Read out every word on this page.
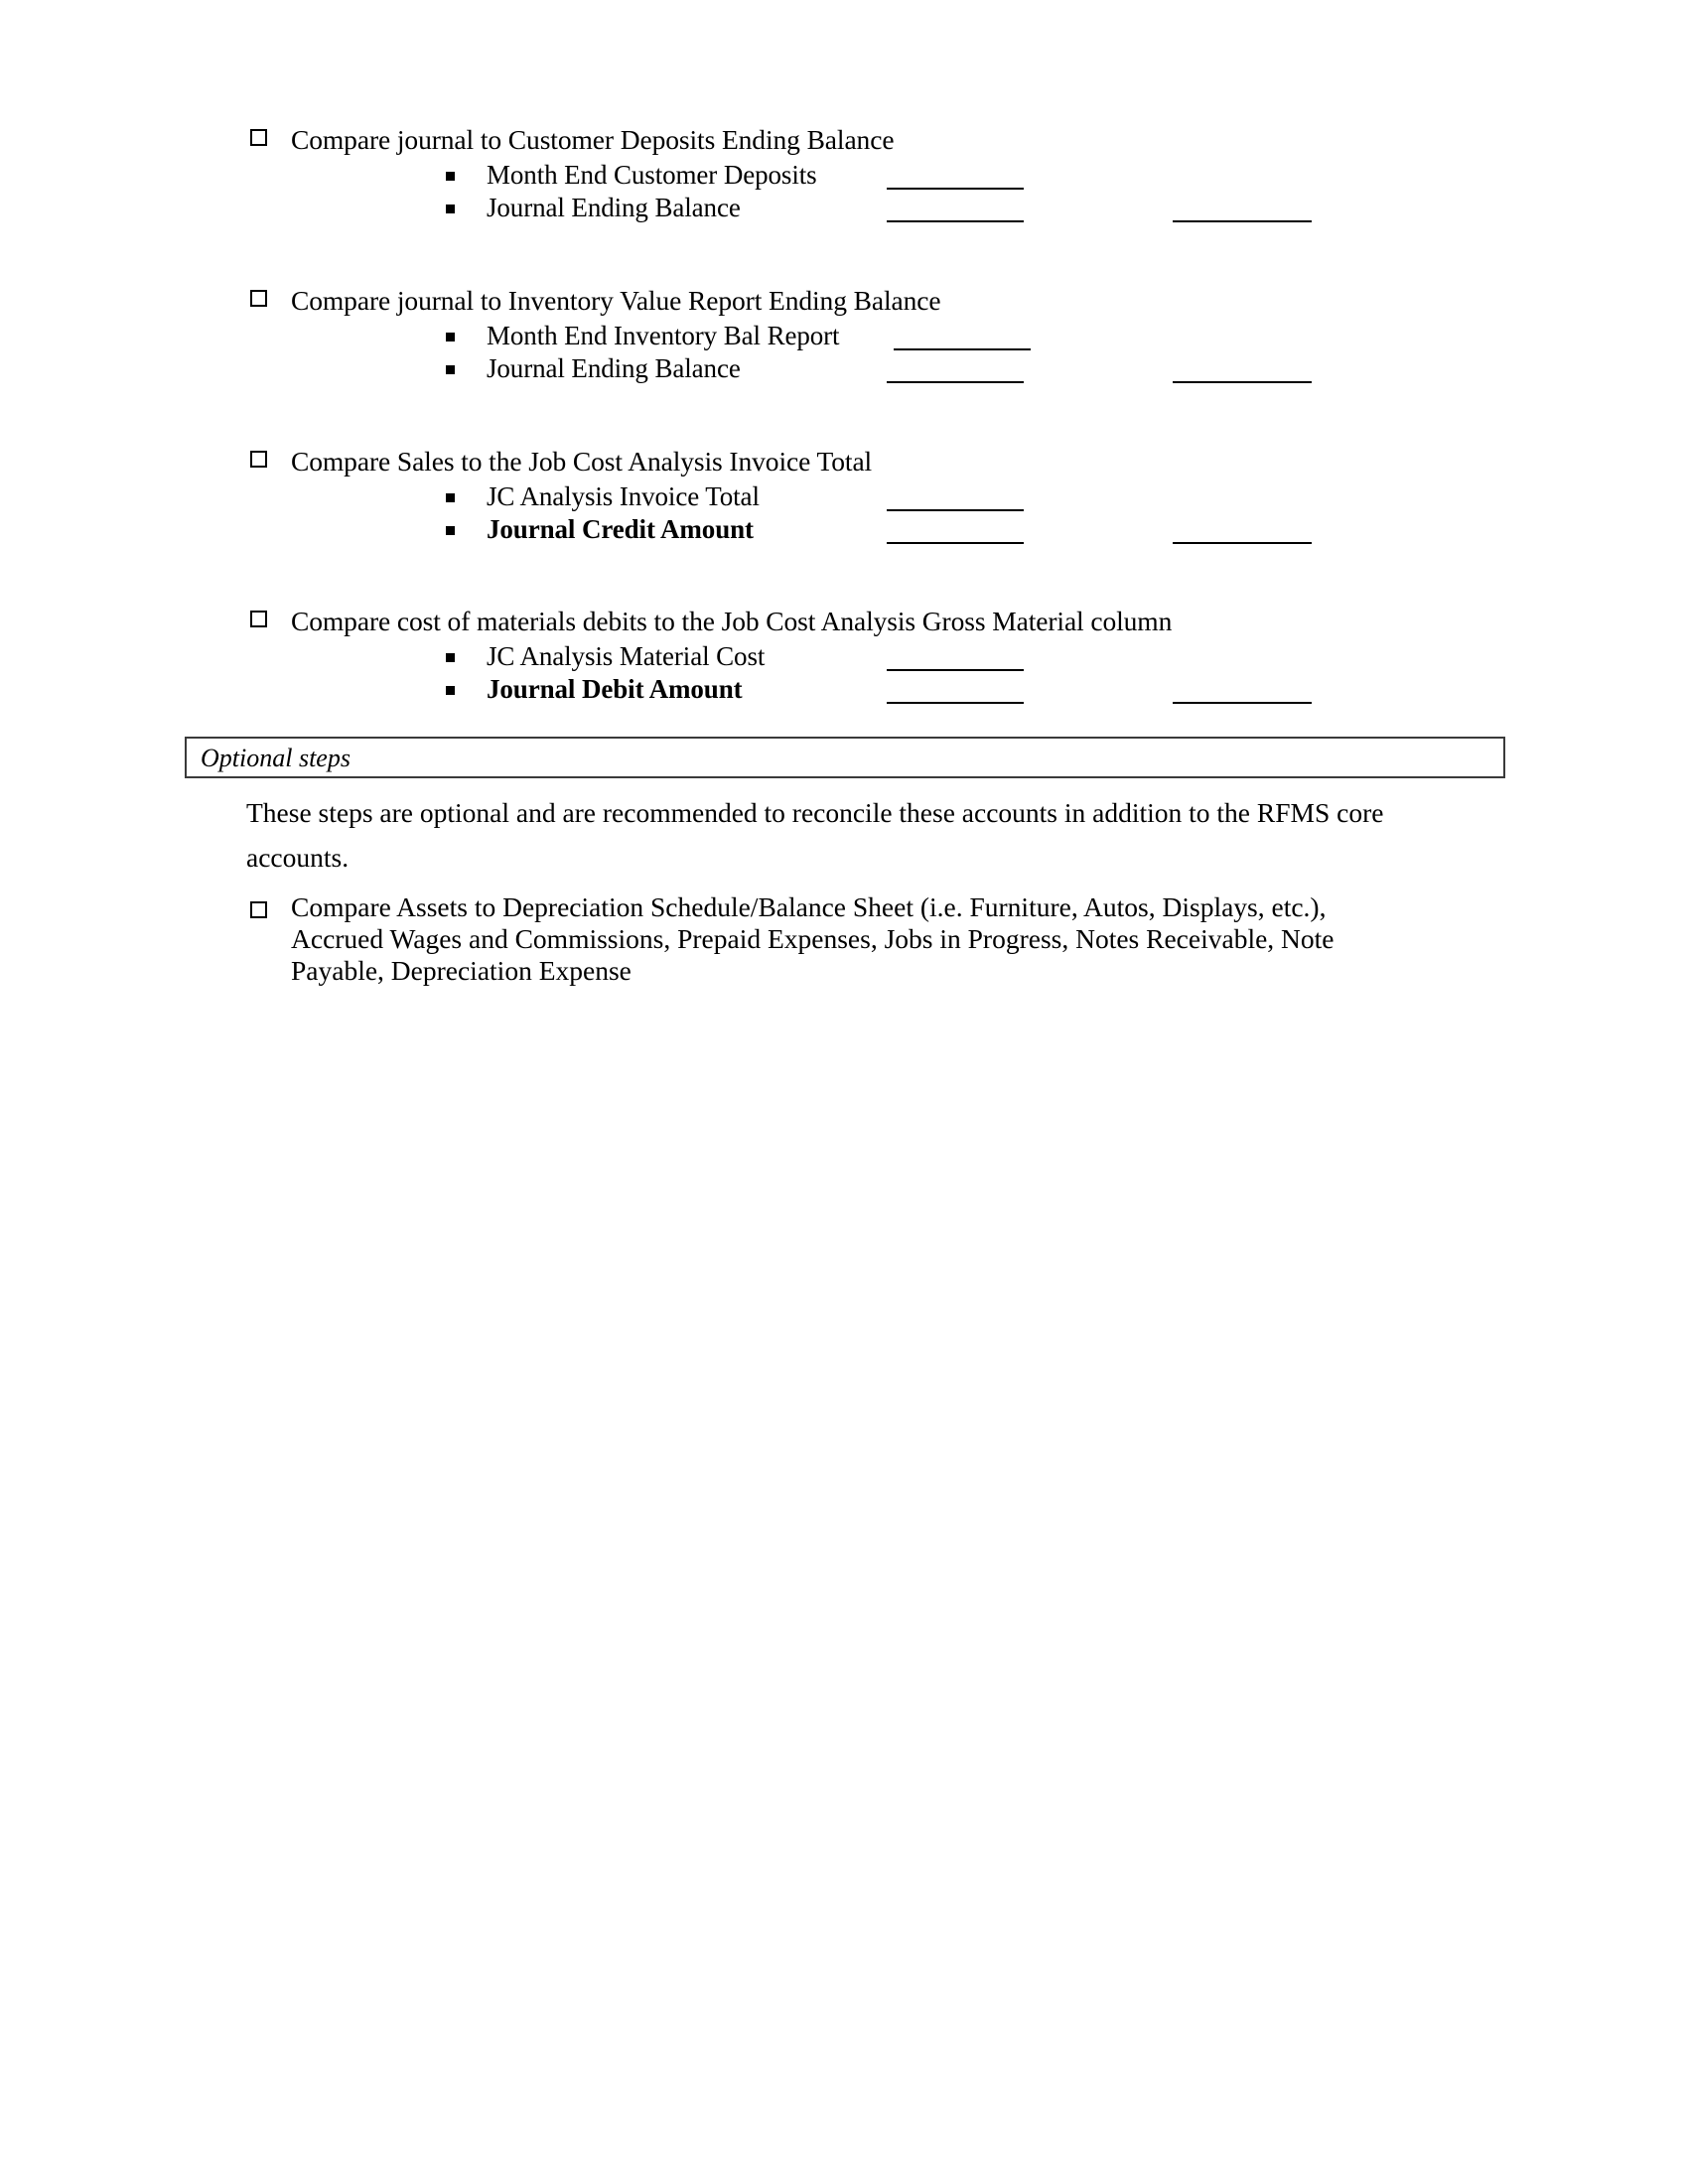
Compare journal to Customer Deposits Ending Balance
Month End Customer Deposits
Journal Ending Balance
Compare journal to Inventory Value Report Ending Balance
Month End Inventory Bal Report
Journal Ending Balance
Compare Sales to the Job Cost Analysis Invoice Total
JC Analysis Invoice Total
Journal Credit Amount
Compare cost of materials debits to the Job Cost Analysis Gross Material column
JC Analysis Material Cost
Journal Debit Amount
Optional steps
These steps are optional and are recommended to reconcile these accounts in addition to the RFMS core accounts.
Compare Assets to Depreciation Schedule/Balance Sheet (i.e. Furniture, Autos, Displays, etc.), Accrued Wages and Commissions, Prepaid Expenses, Jobs in Progress, Notes Receivable, Note Payable, Depreciation Expense
